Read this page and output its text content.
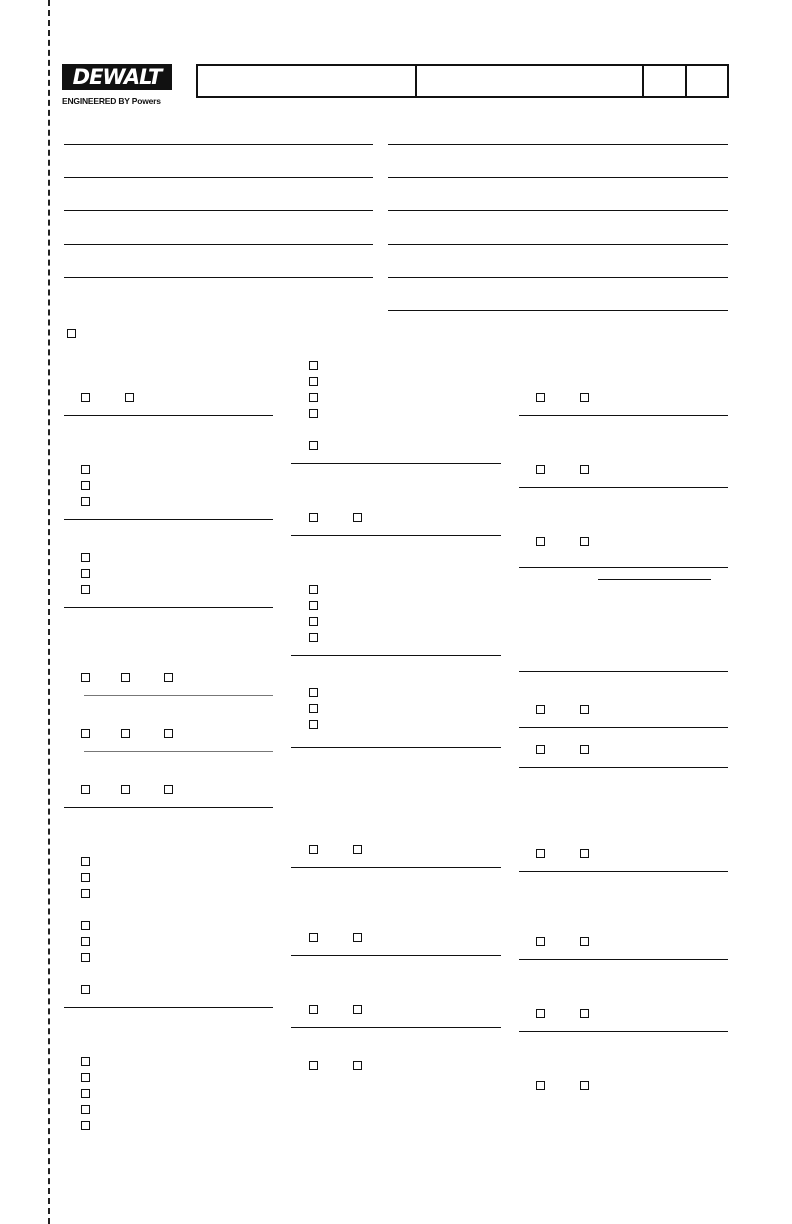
DEWALT
ENGINEERED BY Powers
